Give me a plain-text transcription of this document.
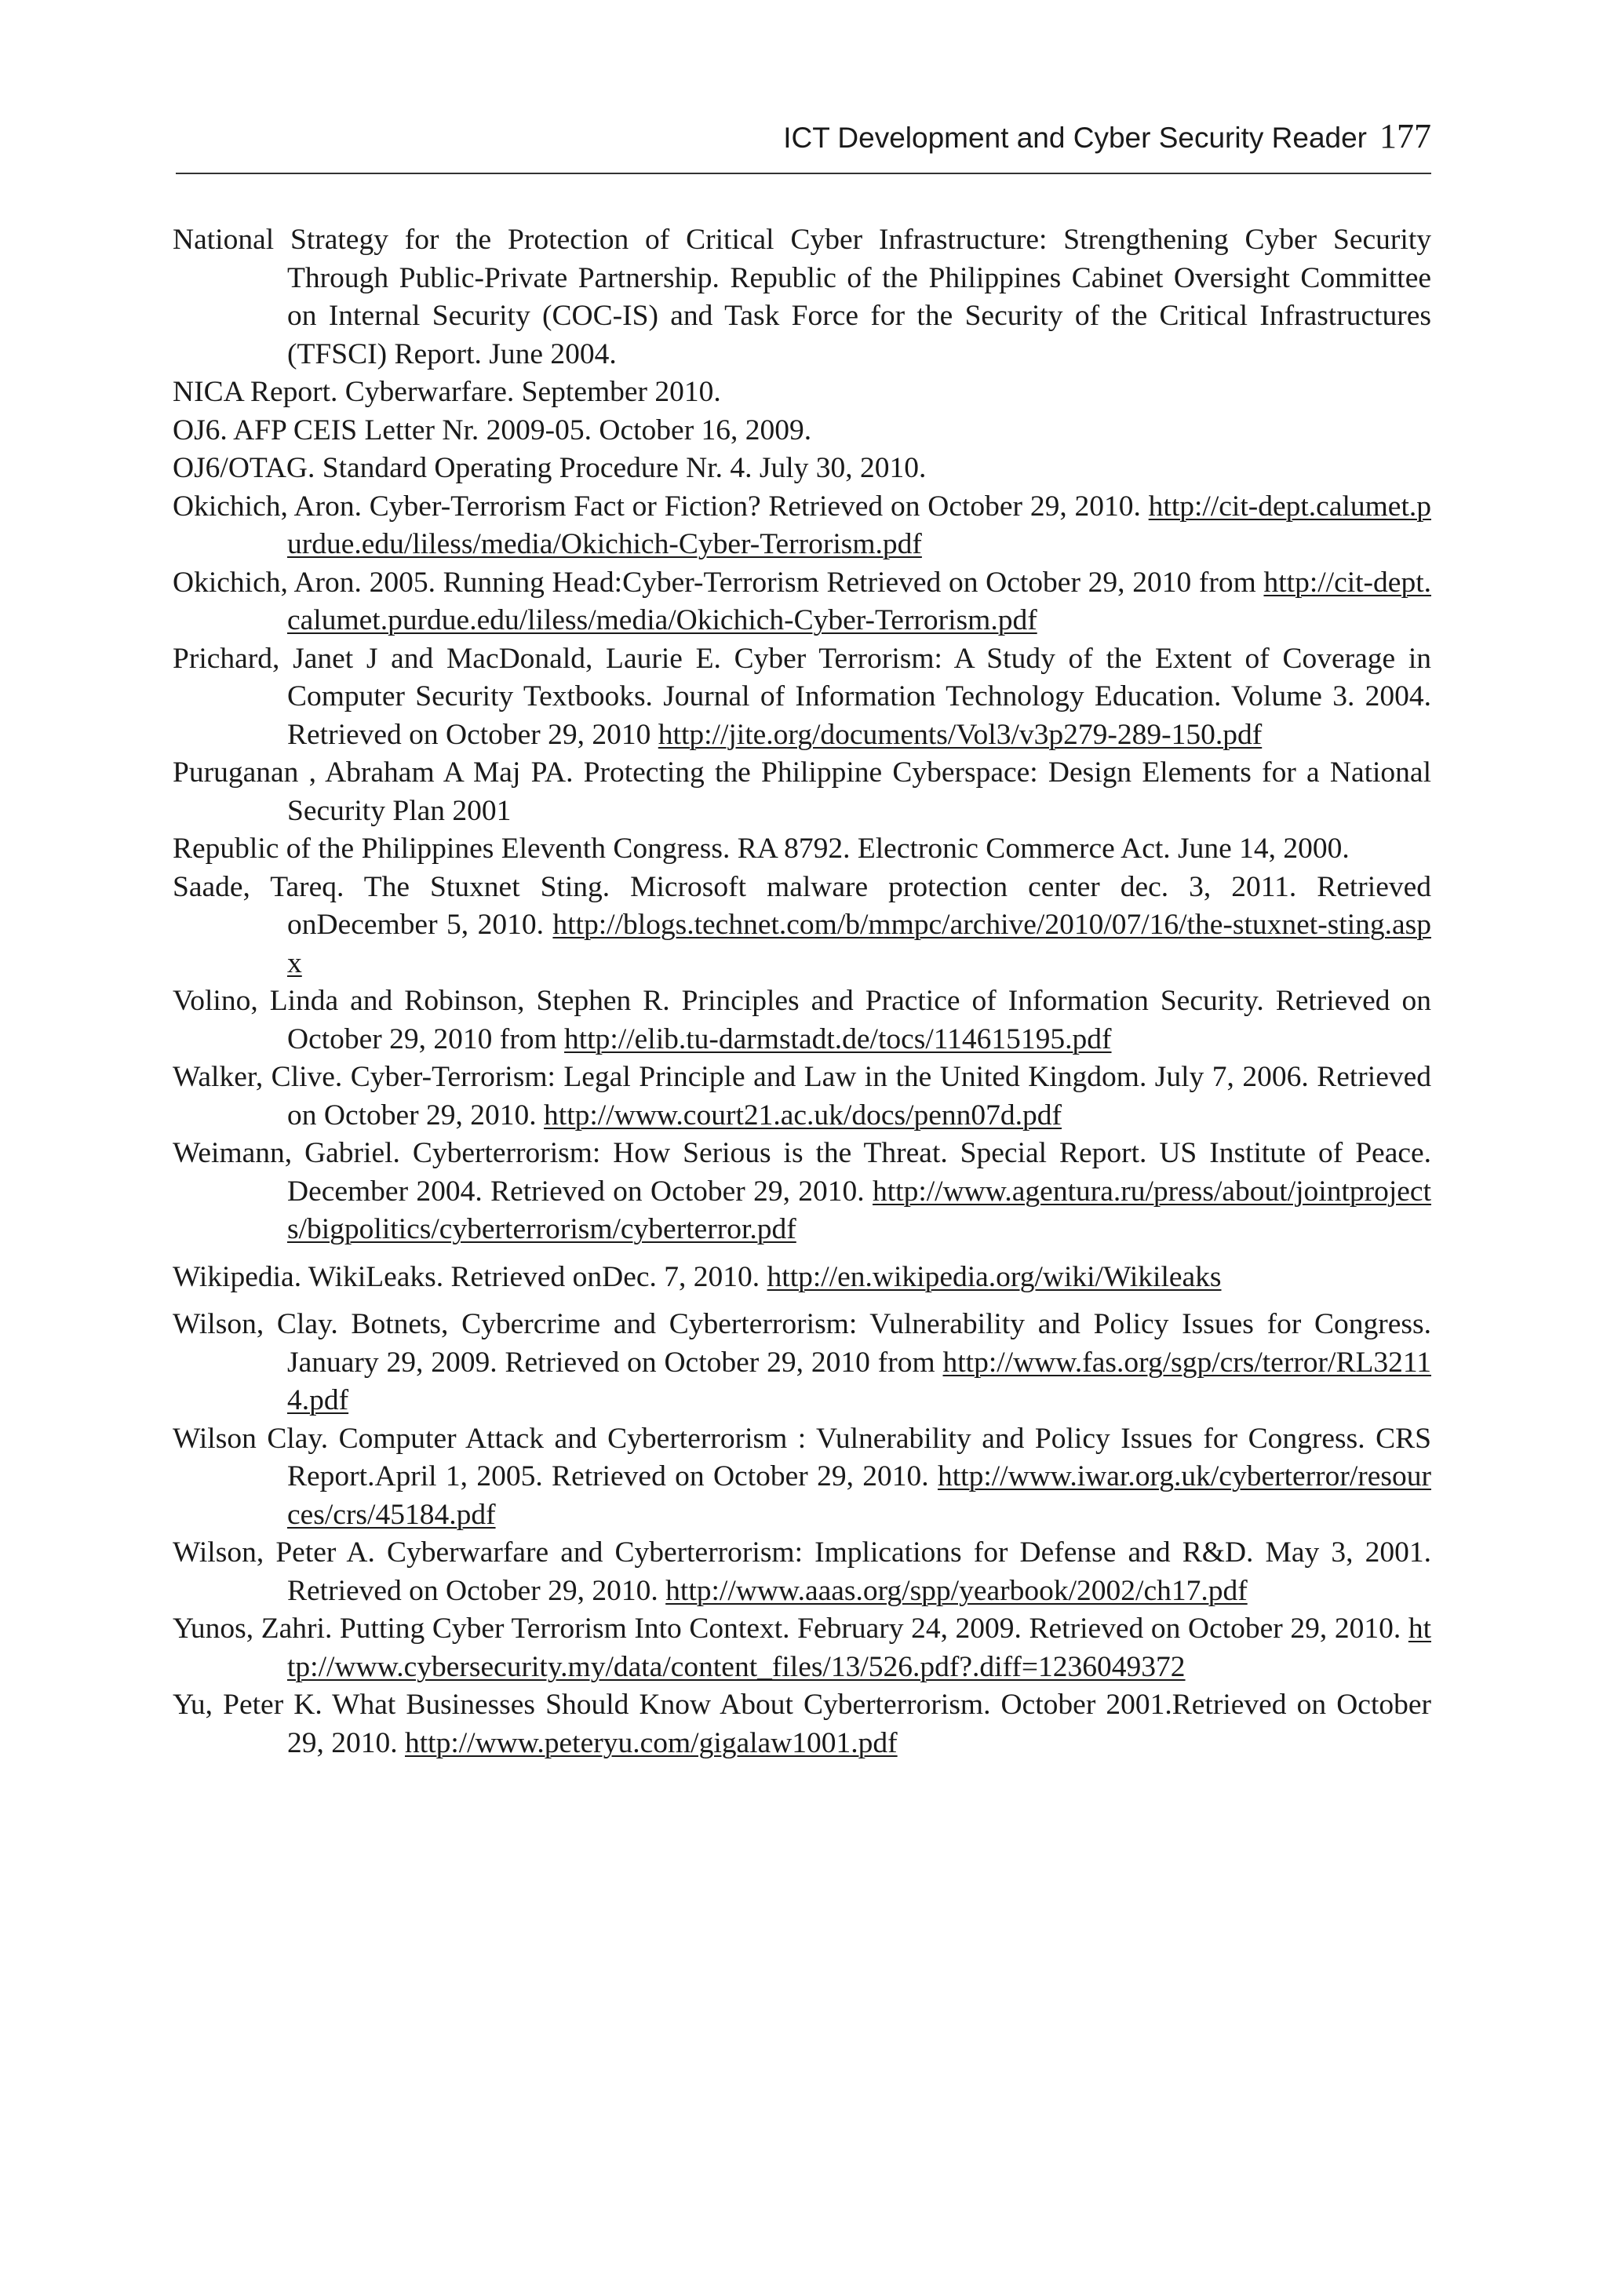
ICT Development and Cyber Security Reader 177
National Strategy for the Protection of Critical Cyber Infrastructure: Strengthening Cyber Security Through Public-Private Partnership. Republic of the Philippines Cabinet Oversight Committee on Internal Security (COC-IS) and Task Force for the Security of the Critical Infrastructures (TFSCI) Report. June 2004.
NICA Report. Cyberwarfare. September 2010.
OJ6. AFP CEIS Letter Nr. 2009-05. October 16, 2009.
OJ6/OTAG. Standard Operating Procedure Nr. 4. July 30, 2010.
Okichich, Aron. Cyber-Terrorism Fact or Fiction? Retrieved on October 29, 2010. http://cit-dept.calumet.purdue.edu/liless/media/Okichich-Cyber-Terrorism.pdf
Okichich, Aron. 2005. Running Head:Cyber-Terrorism Retrieved on October 29, 2010 from http://cit-dept.calumet.purdue.edu/liless/media/Okichich-Cyber-Terrorism.pdf
Prichard, Janet J and MacDonald, Laurie E. Cyber Terrorism: A Study of the Extent of Coverage in Computer Security Textbooks. Journal of Information Technology Education. Volume 3. 2004. Retrieved on October 29, 2010 http://jite.org/documents/Vol3/v3p279-289-150.pdf
Puruganan , Abraham A Maj PA. Protecting the Philippine Cyberspace: Design Elements for a National Security Plan 2001
Republic of the Philippines Eleventh Congress. RA 8792. Electronic Commerce Act. June 14, 2000.
Saade, Tareq. The Stuxnet Sting. Microsoft malware protection center dec. 3, 2011. Retrieved onDecember 5, 2010. http://blogs.technet.com/b/mmpc/archive/2010/07/16/the-stuxnet-sting.aspx
Volino, Linda and Robinson, Stephen R. Principles and Practice of Information Security. Retrieved on October 29, 2010 from http://elib.tu-darmstadt.de/tocs/114615195.pdf
Walker, Clive. Cyber-Terrorism: Legal Principle and Law in the United Kingdom. July 7, 2006. Retrieved on October 29, 2010. http://www.court21.ac.uk/docs/penn07d.pdf
Weimann, Gabriel. Cyberterrorism: How Serious is the Threat. Special Report. US Institute of Peace. December 2004. Retrieved on October 29, 2010. http://www.agentura.ru/press/about/jointprojects/bigpolitics/cyberterrorism/cyberterror.pdf
Wikipedia. WikiLeaks. Retrieved onDec. 7, 2010. http://en.wikipedia.org/wiki/Wikileaks
Wilson, Clay. Botnets, Cybercrime and Cyberterrorism: Vulnerability and Policy Issues for Congress. January 29, 2009. Retrieved on October 29, 2010 from http://www.fas.org/sgp/crs/terror/RL32114.pdf
Wilson Clay. Computer Attack and Cyberterrorism : Vulnerability and Policy Issues for Congress. CRS Report.April 1, 2005. Retrieved on October 29, 2010. http://www.iwar.org.uk/cyberterror/resources/crs/45184.pdf
Wilson, Peter A. Cyberwarfare and Cyberterrorism: Implications for Defense and R&D. May 3, 2001. Retrieved on October 29, 2010. http://www.aaas.org/spp/yearbook/2002/ch17.pdf
Yunos, Zahri. Putting Cyber Terrorism Into Context. February 24, 2009. Retrieved on October 29, 2010. http://www.cybersecurity.my/data/content_files/13/526.pdf?.diff=1236049372
Yu, Peter K. What Businesses Should Know About Cyberterrorism. October 2001.Retrieved on October 29, 2010. http://www.peteryu.com/gigalaw1001.pdf
